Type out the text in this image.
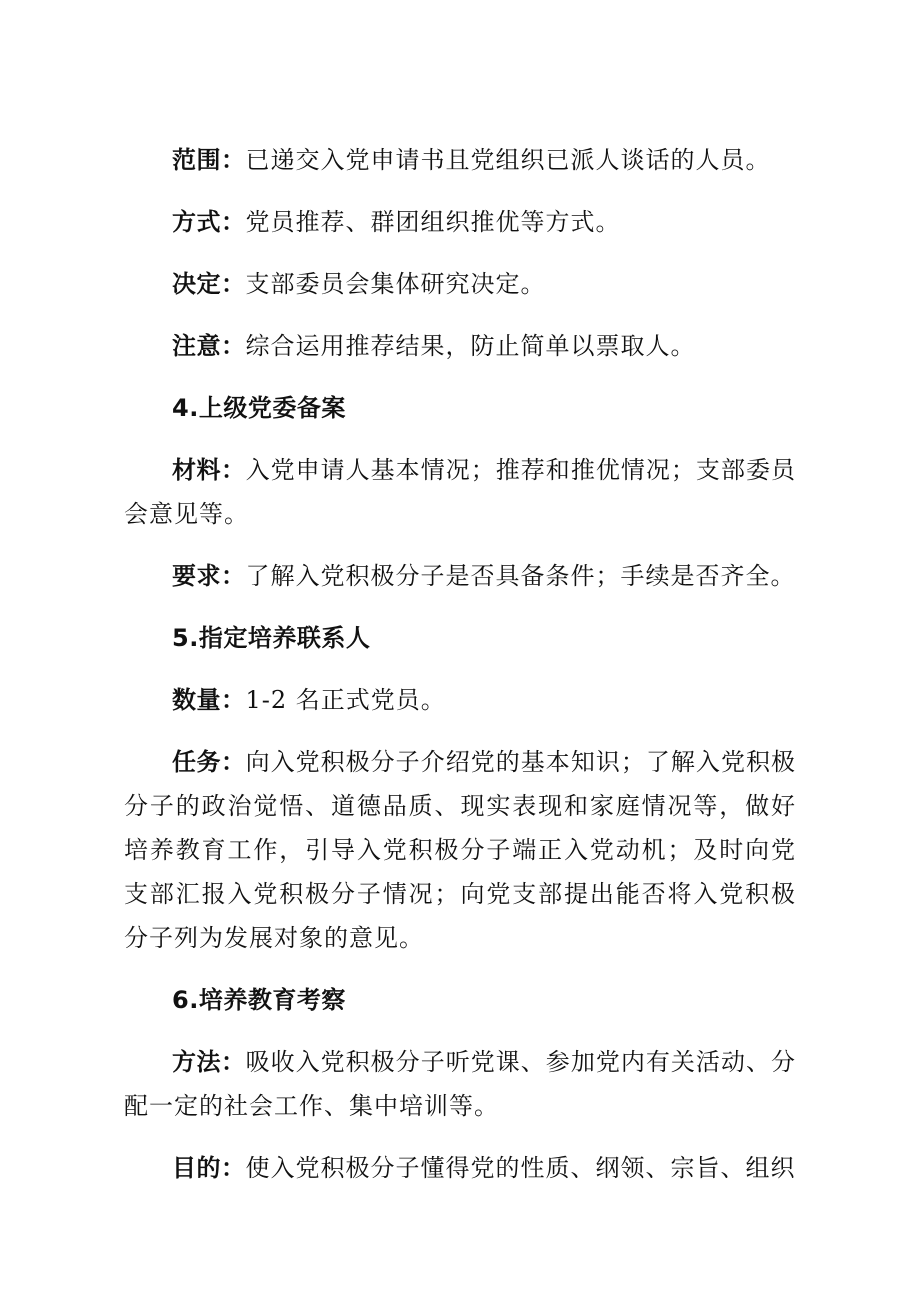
范围：已递交入党申请书且党组织已派人谈话的人员。

方式：党员推荐、群团组织推优等方式。

决定：支部委员会集体研究决定。

注意：综合运用推荐结果，防止简单以票取人。

4.上级党委备案

材料：入党申请人基本情况；推荐和推优情况；支部委员会意见等。

要求：了解入党积极分子是否具备条件；手续是否齐全。

5.指定培养联系人

数量：1-2 名正式党员。

任务：向入党积极分子介绍党的基本知识；了解入党积极分子的政治觉悟、道德品质、现实表现和家庭情况等，做好培养教育工作，引导入党积极分子端正入党动机；及时向党支部汇报入党积极分子情况；向党支部提出能否将入党积极分子列为发展对象的意见。

6.培养教育考察

方法：吸收入党积极分子听党课、参加党内有关活动、分配一定的社会工作、集中培训等。

目的：使入党积极分子懂得党的性质、纲领、宗旨、组织
